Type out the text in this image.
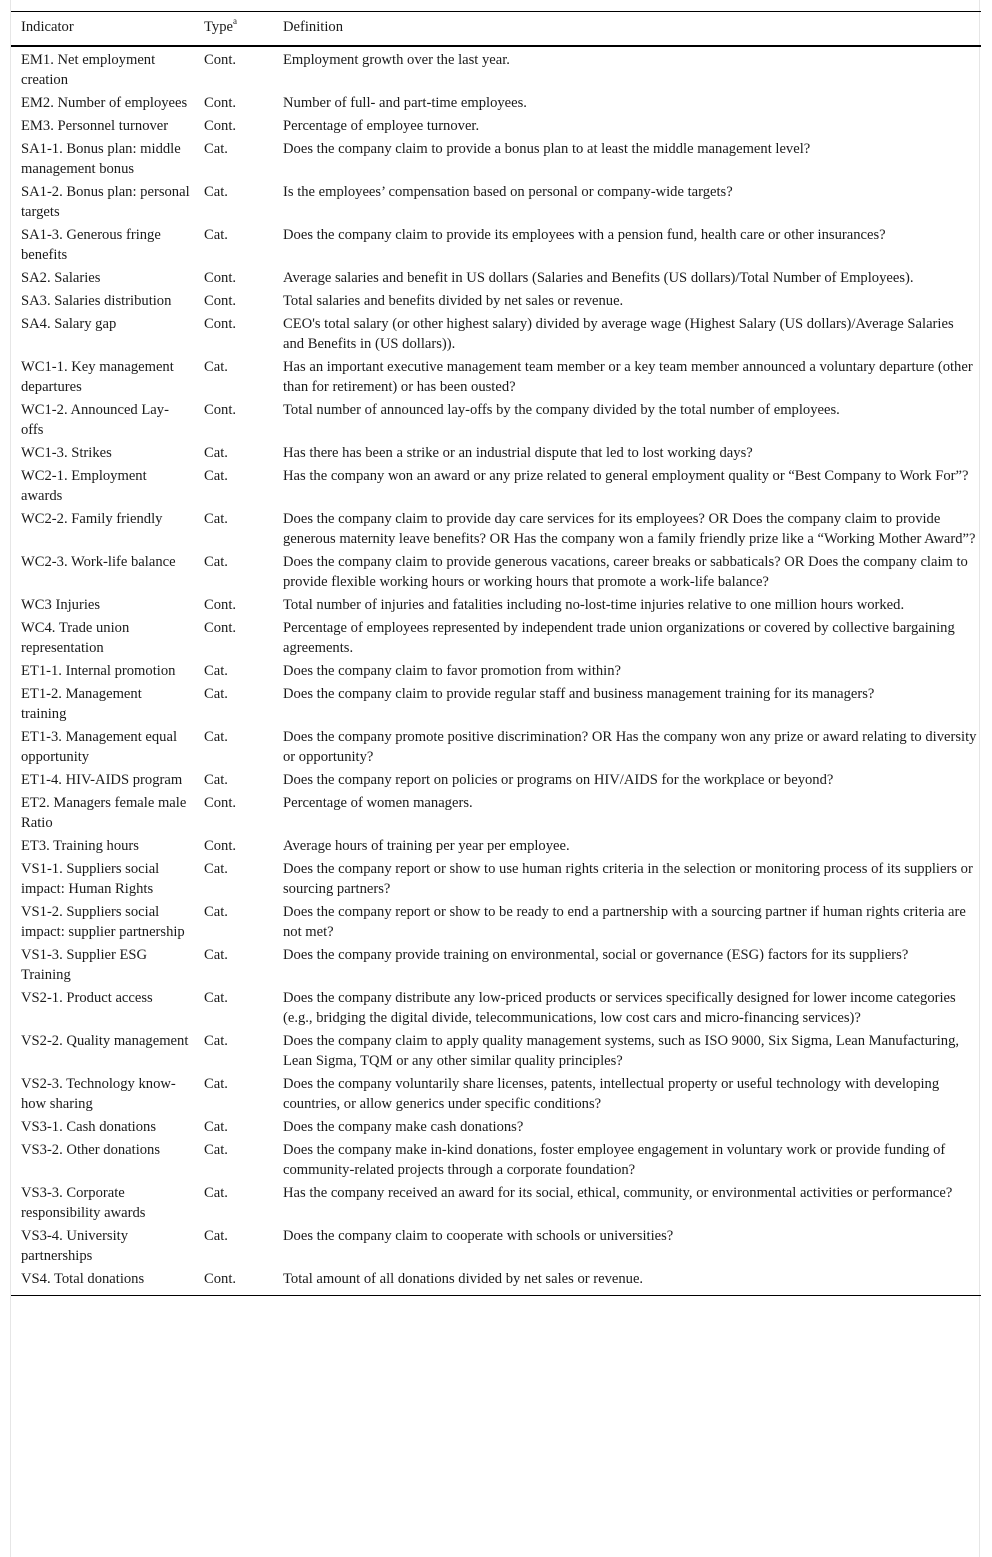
Indicator	Type$^a$	Definition
EM1. Net employment creation	Cont.	Employment growth over the last year.
EM2. Number of employees	Cont.	Number of full- and part-time employees.
EM3. Personnel turnover	Cont.	Percentage of employee turnover.
SA1-1. Bonus plan: middle management bonus	Cat.	Does the company claim to provide a bonus plan to at least the middle management level?
SA1-2. Bonus plan: personal targets	Cat.	Is the employees’ compensation based on personal or company-wide targets?
SA1-3. Generous fringe benefits	Cat.	Does the company claim to provide its employees with a pension fund, health care or other insurances?
SA2. Salaries	Cont.	Average salaries and benefit in US dollars (Salaries and Benefits (US dollars)/Total Number of Employees).
SA3. Salaries distribution	Cont.	Total salaries and benefits divided by net sales or revenue.
SA4. Salary gap	Cont.	CEO's total salary (or other highest salary) divided by average wage (Highest Salary (US dollars)/Average Salaries and Benefits in (US dollars)).
WC1-1. Key management departures	Cat.	Has an important executive management team member or a key team member announced a voluntary departure (other than for retirement) or has been ousted?
WC1-2. Announced Lay-offs	Cont.	Total number of announced lay-offs by the company divided by the total number of employees.
WC1-3. Strikes	Cat.	Has there has been a strike or an industrial dispute that led to lost working days?
WC2-1. Employment awards	Cat.	Has the company won an award or any prize related to general employment quality or “Best Company to Work For”?
WC2-2. Family friendly	Cat.	Does the company claim to provide day care services for its employees? OR Does the company claim to provide generous maternity leave benefits? OR Has the company won a family friendly prize like a “Working Mother Award”?
WC2-3. Work-life balance	Cat.	Does the company claim to provide generous vacations, career breaks or sabbaticals? OR Does the company claim to provide flexible working hours or working hours that promote a work-life balance?
WC3 Injuries	Cont.	Total number of injuries and fatalities including no-lost-time injuries relative to one million hours worked.
WC4. Trade union representation	Cont.	Percentage of employees represented by independent trade union organizations or covered by collective bargaining agreements.
ET1-1. Internal promotion	Cat.	Does the company claim to favor promotion from within?
ET1-2. Management training	Cat.	Does the company claim to provide regular staff and business management training for its managers?
ET1-3. Management equal opportunity	Cat.	Does the company promote positive discrimination? OR Has the company won any prize or award relating to diversity or opportunity?
ET1-4. HIV-AIDS program	Cat.	Does the company report on policies or programs on HIV/AIDS for the workplace or beyond?
ET2. Managers female male Ratio	Cont.	Percentage of women managers.
ET3. Training hours	Cont.	Average hours of training per year per employee.
VS1-1. Suppliers social impact: Human Rights	Cat.	Does the company report or show to use human rights criteria in the selection or monitoring process of its suppliers or sourcing partners?
VS1-2. Suppliers social impact: supplier partnership	Cat.	Does the company report or show to be ready to end a partnership with a sourcing partner if human rights criteria are not met?
VS1-3. Supplier ESG Training	Cat.	Does the company provide training on environmental, social or governance (ESG) factors for its suppliers?
VS2-1. Product access	Cat.	Does the company distribute any low-priced products or services specifically designed for lower income categories (e.g., bridging the digital divide, telecommunications, low cost cars and micro-financing services)?
VS2-2. Quality management	Cat.	Does the company claim to apply quality management systems, such as ISO 9000, Six Sigma, Lean Manufacturing, Lean Sigma, TQM or any other similar quality principles?
VS2-3. Technology know-how sharing	Cat.	Does the company voluntarily share licenses, patents, intellectual property or useful technology with developing countries, or allow generics under specific conditions?
VS3-1. Cash donations	Cat.	Does the company make cash donations?
VS3-2. Other donations	Cat.	Does the company make in-kind donations, foster employee engagement in voluntary work or provide funding of community-related projects through a corporate foundation?
VS3-3. Corporate responsibility awards	Cat.	Has the company received an award for its social, ethical, community, or environmental activities or performance?
VS3-4. University partnerships	Cat.	Does the company claim to cooperate with schools or universities?
VS4. Total donations	Cont.	Total amount of all donations divided by net sales or revenue.
